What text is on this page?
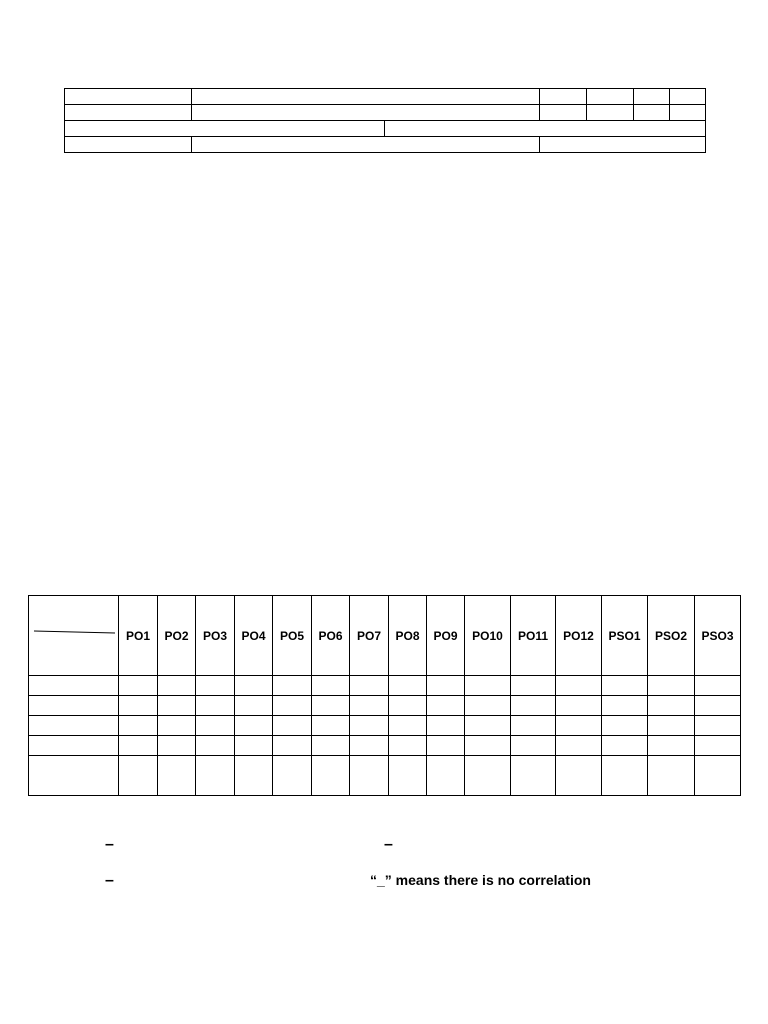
	PO1	PO2	PO3	PO4	PO5	PO6	PO7	PO8	PO9	PO10	PO11	PO12	PSO1	PSO2	PSO3

–	–
–	“_” means there is no correlation
